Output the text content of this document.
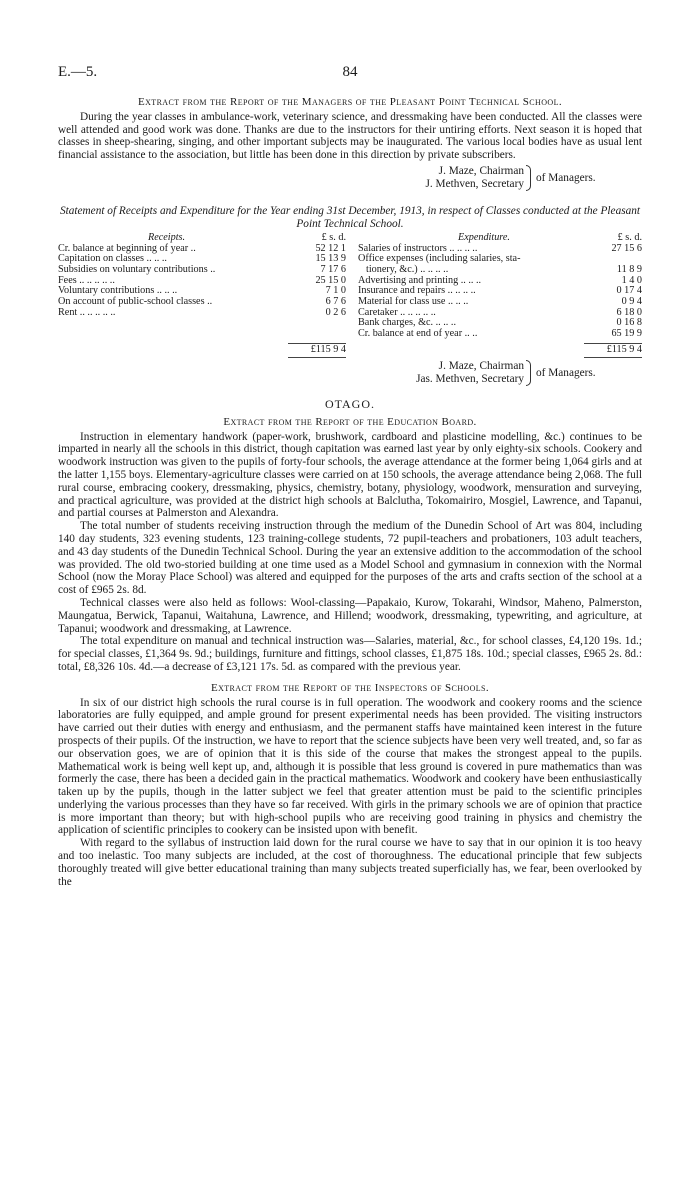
84
E.—5.
Extract from the Report of the Managers of the Pleasant Point Technical School.

During the year classes in ambulance-work, veterinary science, and dressmaking have been conducted. All the classes were well attended and good work was done. Thanks are due to the instructors for their untiring efforts. Next season it is hoped that classes in sheep-shearing, singing, and other important subjects may be inaugurated. The various local bodies have as usual lent financial assistance to the association, but little has been done in this direction by private subscribers.

J. Maze, Chairman
J. Methven, Secretary of Managers.
Statement of Receipts and Expenditure for the Year ending 31st December, 1913, in respect of Classes conducted at the Pleasant Point Technical School.
Receipts.	£ s. d.
Cr. balance at beginning of year ..	52 12 1
Capitation on classes .. .. ..	15 13 9
Subsidies on voluntary contributions ..	7 17 6
Fees .. .. .. .. ..	25 15 0
Voluntary contributions .. .. ..	7 1 0
On account of public-school classes ..	6 7 6
Rent .. .. .. .. ..	0 2 6
Expenditure.	£ s. d.
Salaries of instructors .. .. .. ..	27 15 6
Office expenses (including salaries, sta-
tionery, &c.) .. .. .. ..	11 8 9
Advertising and printing .. .. ..	1 4 0
Insurance and repairs .. .. .. ..	0 17 4
Material for class use .. .. ..	0 9 4
Caretaker .. .. .. .. ..	6 18 0
Bank charges, &c. .. .. ..	0 16 8
Cr. balance at end of year .. ..	65 19 9
£115 9 4	£115 9 4
J. Maze, Chairman
Jas. Methven, Secretary of Managers.
OTAGO.
Extract from the Report of the Education Board.

Instruction in elementary handwork (paper-work, brushwork, cardboard and plasticine modelling, &c.) continues to be imparted in nearly all the schools in this district, though capitation was earned last year by only eighty-six schools. Cookery and woodwork instruction was given to the pupils of forty-four schools, the average attendance at the former being 1,064 girls and at the latter 1,155 boys. Elementary-agriculture classes were carried on at 150 schools, the average attendance being 2,068. The full rural course, embracing cookery, dressmaking, physics, chemistry, botany, physiology, woodwork, mensuration and surveying, and practical agriculture, was provided at the district high schools at Balclutha, Tokomairiro, Mosgiel, Lawrence, and Tapanui, and partial courses at Palmerston and Alexandra.

The total number of students receiving instruction through the medium of the Dunedin School of Art was 804, including 140 day students, 323 evening students, 123 training-college students, 72 pupil-teachers and probationers, 103 adult teachers, and 43 day students of the Dunedin Technical School. During the year an extensive addition to the accommodation of the school was provided. The old two-storied building at one time used as a Model School and gymnasium in connexion with the Normal School (now the Moray Place School) was altered and equipped for the purposes of the arts and crafts section of the school at a cost of £965 2s. 8d.

Technical classes were also held as follows: Wool-classing—Papakaio, Kurow, Tokarahi, Windsor, Maheno, Palmerston, Maungatua, Berwick, Tapanui, Waitahuna, Lawrence, and Hillend; woodwork, dressmaking, typewriting, and agriculture, at Tapanui; woodwork and dressmaking, at Lawrence.

The total expenditure on manual and technical instruction was—Salaries, material, &c., for school classes, £4,120 19s. 1d.; for special classes, £1,364 9s. 9d.; buildings, furniture and fittings, school classes, £1,875 18s. 10d.; special classes, £965 2s. 8d.: total, £8,326 10s. 4d.—a decrease of £3,121 17s. 5d. as compared with the previous year.

Extract from the Report of the Inspectors of Schools.

In six of our district high schools the rural course is in full operation. The woodwork and cookery rooms and the science laboratories are fully equipped, and ample ground for present experimental needs has been provided. The visiting instructors have carried out their duties with energy and enthusiasm, and the permanent staffs have maintained keen interest in the future prospects of their pupils. Of the instruction, we have to report that the science subjects have been very well treated, and, so far as our observation goes, we are of opinion that it is this side of the course that makes the strongest appeal to the pupils. Mathematical work is being well kept up, and, although it is possible that less ground is covered in pure mathematics than was formerly the case, there has been a decided gain in the practical mathematics. Woodwork and cookery have been enthusiastically taken up by the pupils, though in the latter subject we feel that greater attention must be paid to the scientific principles underlying the various processes than they have so far received. With girls in the primary schools we are of opinion that practice is more important than theory; but with high-school pupils who are receiving good training in physics and chemistry the application of scientific principles to cookery can be insisted upon with benefit.

With regard to the syllabus of instruction laid down for the rural course we have to say that in our opinion it is too heavy and too inelastic. Too many subjects are included, at the cost of thoroughness. The educational principle that few subjects thoroughly treated will give better educational training than many subjects treated superficially has, we fear, been overlooked by the
